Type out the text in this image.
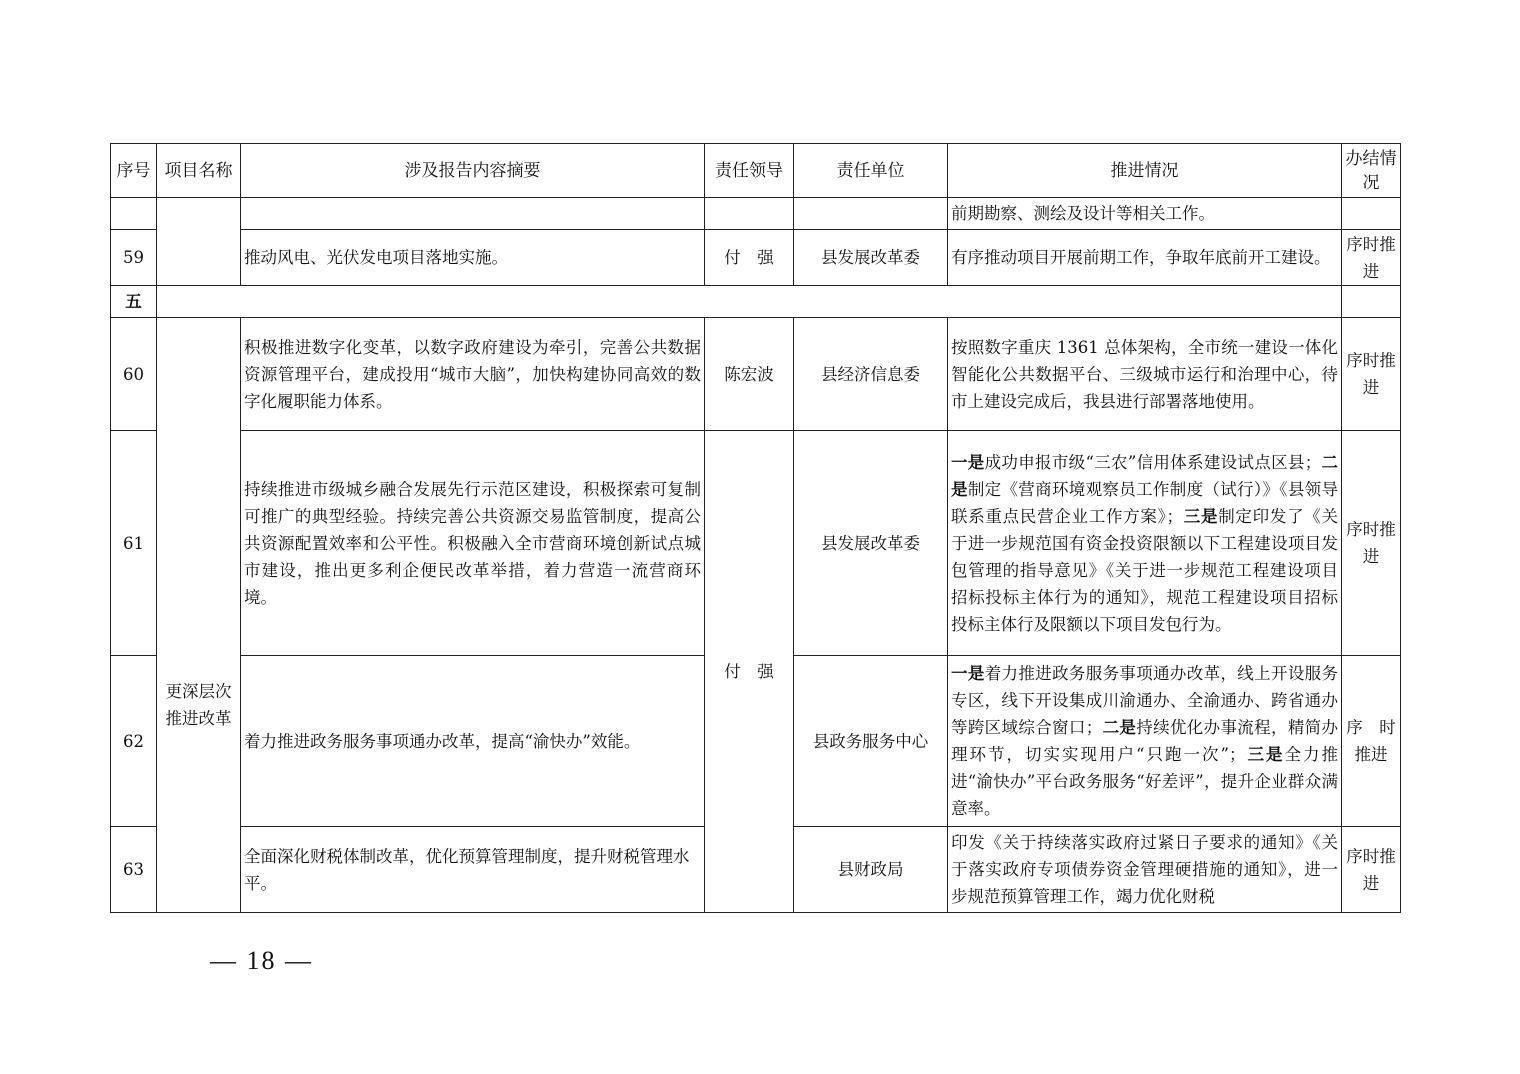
序号	项目名称	涉及报告内容摘要	责任领导	责任单位	推进情况	办结情况
					前期勘察、测绘及设计等相关工作。	
59		推动风电、光伏发电项目落地实施。	付　强	县发展改革委	有序推动项目开展前期工作，争取年底前开工建设。	序时推进
五						
60	更深层次推进改革	积极推进数字化变革，以数字政府建设为牵引，完善公共数据资源管理平台，建成投用“城市大脑”，加快构建协同高效的数字化履职能力体系。	陈宏波	县经济信息委	按照数字重庆 1361 总体架构，全市统一建设一体化智能化公共数据平台、三级城市运行和治理中心，待市上建设完成后，我县进行部署落地使用。	序时推进
61		持续推进市级城乡融合发展先行示范区建设，积极探索可复制可推广的典型经验。持续完善公共资源交易监管制度，提高公共资源配置效率和公平性。积极融入全市营商环境创新试点城市建设，推出更多利企便民改革举措，着力营造一流营商环境。	付　强	县发展改革委	一是成功申报市级“三农”信用体系建设试点区县；二是制定《营商环境观察员工作制度（试行）》《县领导联系重点民营企业工作方案》；三是制定印发了《关于进一步规范国有资金投资限额以下工程建设项目发包管理的指导意见》《关于进一步规范工程建设项目招标投标主体行为的通知》，规范工程建设项目招标投标主体行及限额以下项目发包行为。	序时推进
62		着力推进政务服务事项通办改革，提高“渝快办”效能。		县政务服务中心	一是着力推进政务服务事项通办改革，线上开设服务专区，线下开设集成川渝通办、全渝通办、跨省通办等跨区域综合窗口；二是持续优化办事流程，精简办理环节，切实实现用户“只跑一次”；三是全力推进“渝快办”平台政务服务“好差评”，提升企业群众满意率。	序　时推进
63		全面深化财税体制改革，优化预算管理制度，提升财税管理水平。		县财政局	印发《关于持续落实政府过紧日子要求的通知》《关于落实政府专项债券资金管理硬措施的通知》，进一步规范预算管理工作，竭力优化财税	序时推进
— 18 —
